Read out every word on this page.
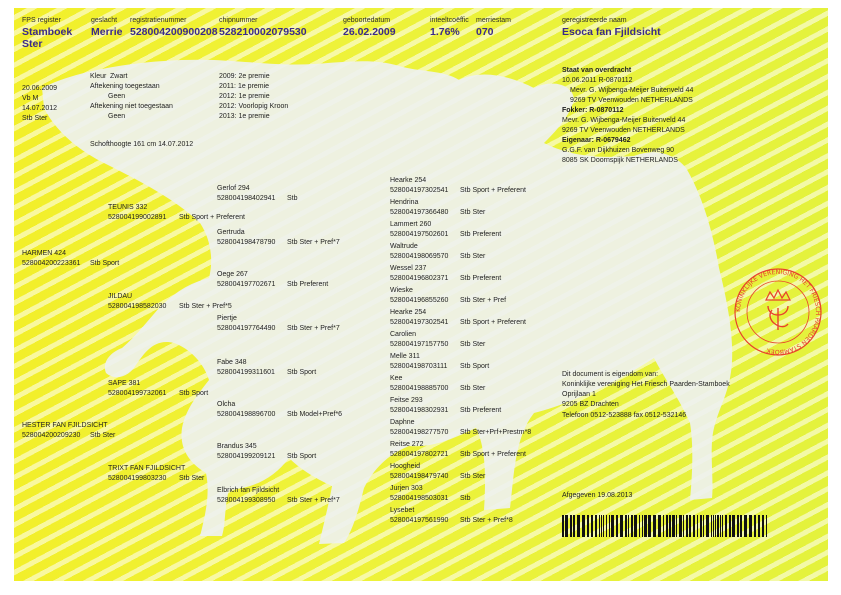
KONINKLIJKE VERENIGING HET FRIESCH PAARDEN STAMBOEK
FPS register
Stamboek
Ster
geslacht
Merrie
registratienummer
528004200900208
chipnummer
528210002079530
geboortedatum
26.02.2009
inteeltcoëffic
1.76%
merriestam
070
geregistreerde naam
Esoca fan Fjildsicht
20.06.2009
Vb M
14.07.2012
Stb Ster
Kleur Zwart
Aftekening toegestaan
Geen
Aftekening niet toegestaan
Geen
2009: 2e premie
2011: 1e premie
2012: 1e premie
2012: Voorlopig Kroon
2013: 1e premie
Schofthoogte 161 cm 14.07.2012
Staat van overdracht
10.06.2011 R-0870112
Mevr. G. Wijbenga-Meijer Buitenveld 44
9269 TV Veenwouden NETHERLANDS
Fokker: R-0870112
Mevr. G. Wijbenga-Meijer Buitenveld 44
9269 TV Veenwouden NETHERLANDS
Eigenaar: R-0679462
G.G.F. van Dijkhuizen Bovenweg 90
8085 SK Doornspijk NETHERLANDS
HARMEN 424
528004200223361 Stb Sport
HESTER FAN FJILDSICHT
528004200209230 Stb Ster
TEUNIS 332
528004199002891 Stb Sport + Preferent
JILDAU
528004198582030 Stb Ster + Pref*5
SAPE 381
528004199732061 Stb Sport
TRIXT FAN FJILDSICHT
528004199803230 Stb Ster
Gerlof 294
528004198402941 Stb
Gertruda
528004198478790 Stb Ster + Pref*7
Oege 267
528004197702671 Stb Preferent
Piertje
528004197764490 Stb Ster + Pref*7
Fabe 348
528004199311601 Stb Sport
Olcha
528004198896700 Stb Model+Pref*6
Brandus 345
528004199209121 Stb Sport
Elbrich fan Fjildsicht
528004199308950 Stb Ster + Pref*7
Hearke 254
528004197302541 Stb Sport + Preferent
Hendrina
528004197366480 Stb Ster
Lammert 260
528004197502601 Stb Preferent
Waltrude
528004198069570 Stb Ster
Wessel 237
528004196802371 Stb Preferent
Wieske
528004196855260 Stb Ster + Pref
Hearke 254
528004197302541 Stb Sport + Preferent
Carolien
528004197157750 Stb Ster
Melle 311
528004198703111 Stb Sport
Kee
528004198885700 Stb Ster
Feitse 293
528004198302931 Stb Preferent
Daphne
528004198277570 Stb Ster+Prf+Prestm*8
Reitse 272
528004197802721 Stb Sport + Preferent
Hoogheid
528004198479740 Stb Ster
Jurjen 303
528004198503031 Stb
Lysebet
528004197561990 Stb Ster + Pref*8
Dit document is eigendom van:
Koninklijke vereniging Het Friesch Paarden-Stamboek
Oprijlaan 1
9205 BZ Drachten
Telefoon 0512-523888 fax 0512-532146
Afgegeven 19.08.2013
